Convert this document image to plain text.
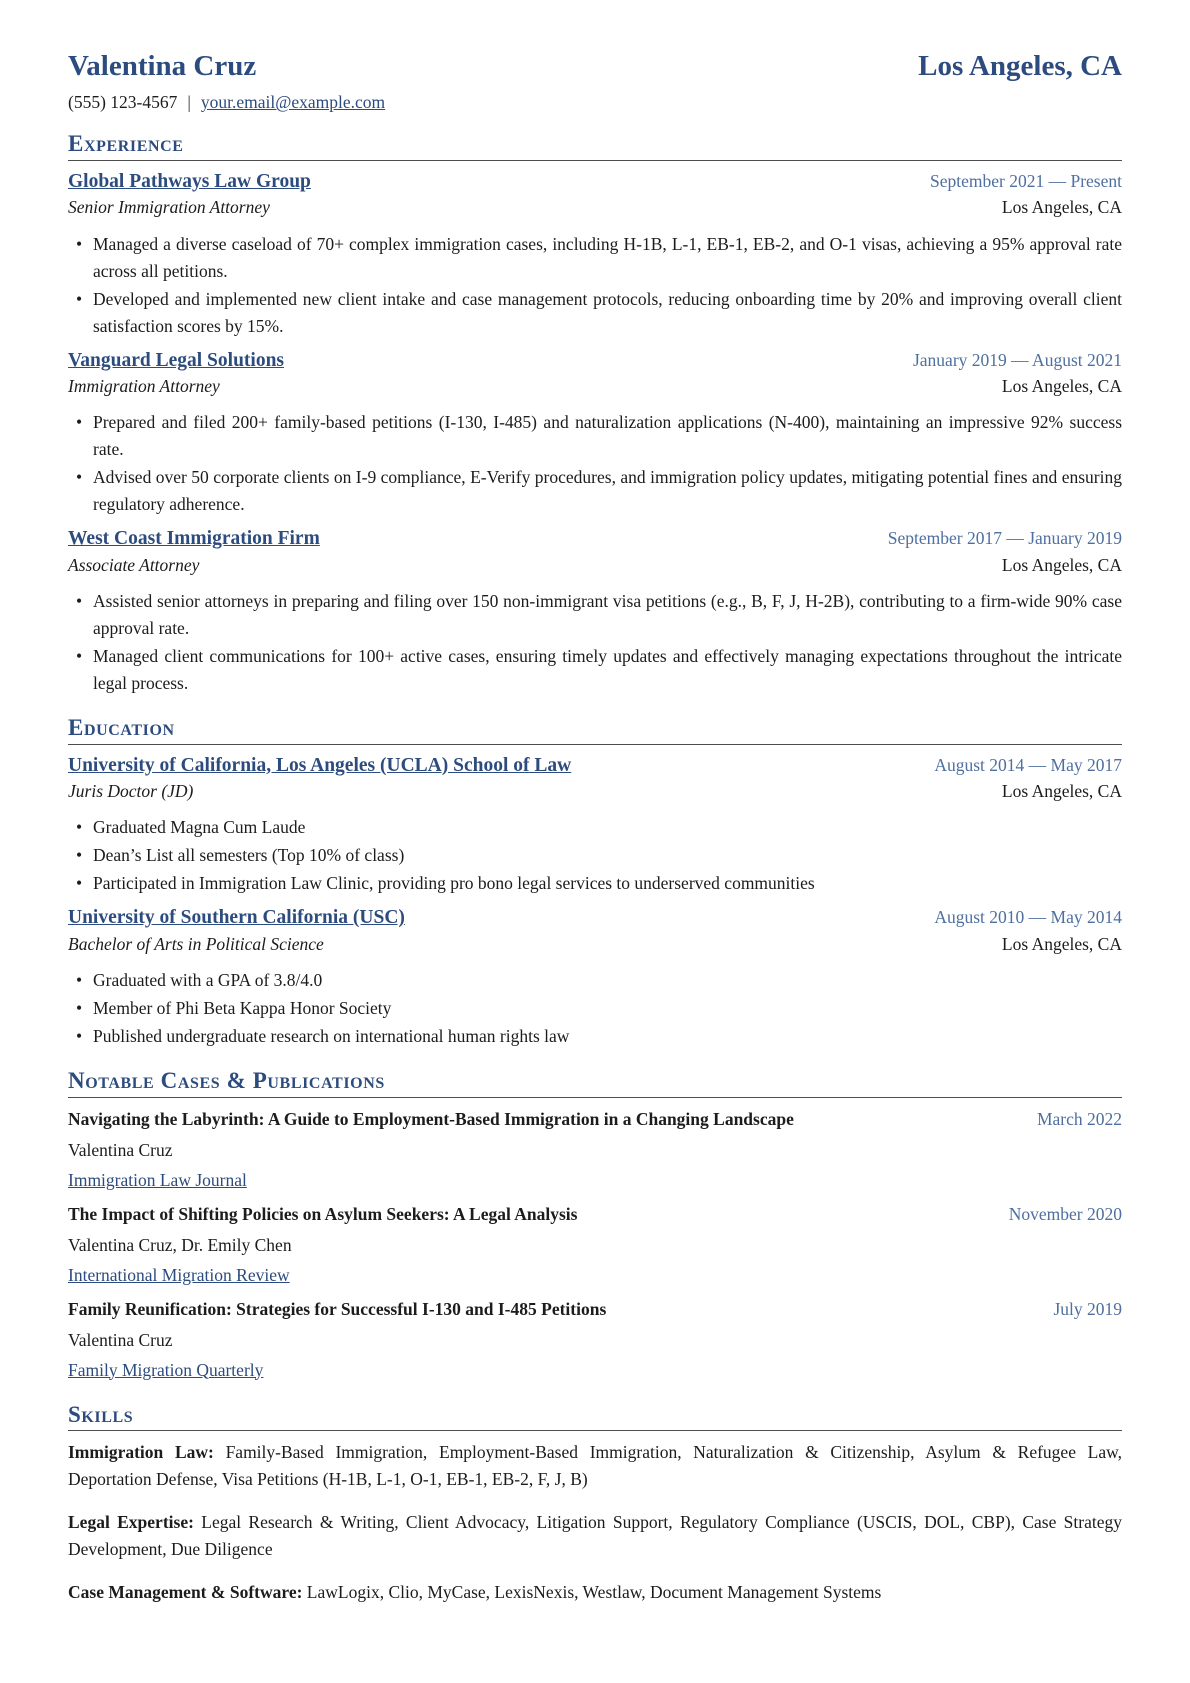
Valentina Cruz	Los Angeles, CA
(555) 123-4567 | your.email@example.com
Experience
Global Pathways Law Group	September 2021 — Present
Senior Immigration Attorney	Los Angeles, CA
• Managed a diverse caseload of 70+ complex immigration cases, including H-1B, L-1, EB-1, EB-2, and O-1 visas, achieving a 95% approval rate across all petitions.
• Developed and implemented new client intake and case management protocols, reducing onboarding time by 20% and improving overall client satisfaction scores by 15%.
Vanguard Legal Solutions	January 2019 — August 2021
Immigration Attorney	Los Angeles, CA
• Prepared and filed 200+ family-based petitions (I-130, I-485) and naturalization applications (N-400), maintaining an impressive 92% success rate.
• Advised over 50 corporate clients on I-9 compliance, E-Verify procedures, and immigration policy updates, mitigating potential fines and ensuring regulatory adherence.
West Coast Immigration Firm	September 2017 — January 2019
Associate Attorney	Los Angeles, CA
• Assisted senior attorneys in preparing and filing over 150 non-immigrant visa petitions (e.g., B, F, J, H-2B), contributing to a firm-wide 90% case approval rate.
• Managed client communications for 100+ active cases, ensuring timely updates and effectively managing expectations throughout the intricate legal process.
Education
University of California, Los Angeles (UCLA) School of Law	August 2014 — May 2017
Juris Doctor (JD)	Los Angeles, CA
• Graduated Magna Cum Laude
• Dean’s List all semesters (Top 10% of class)
• Participated in Immigration Law Clinic, providing pro bono legal services to underserved communities
University of Southern California (USC)	August 2010 — May 2014
Bachelor of Arts in Political Science	Los Angeles, CA
• Graduated with a GPA of 3.8/4.0
• Member of Phi Beta Kappa Honor Society
• Published undergraduate research on international human rights law
Notable Cases & Publications
Navigating the Labyrinth: A Guide to Employment-Based Immigration in a Changing Landscape	March 2022
Valentina Cruz
Immigration Law Journal
The Impact of Shifting Policies on Asylum Seekers: A Legal Analysis	November 2020
Valentina Cruz, Dr. Emily Chen
International Migration Review
Family Reunification: Strategies for Successful I-130 and I-485 Petitions	July 2019
Valentina Cruz
Family Migration Quarterly
Skills

Immigration Law: Family-Based Immigration, Employment-Based Immigration, Naturalization & Citizenship, Asylum & Refugee Law, Deportation Defense, Visa Petitions (H-1B, L-1, O-1, EB-1, EB-2, F, J, B)

Legal Expertise: Legal Research & Writing, Client Advocacy, Litigation Support, Regulatory Compliance (USCIS, DOL, CBP), Case Strategy Development, Due Diligence

Case Management & Software: LawLogix, Clio, MyCase, LexisNexis, Westlaw, Document Management Systems
